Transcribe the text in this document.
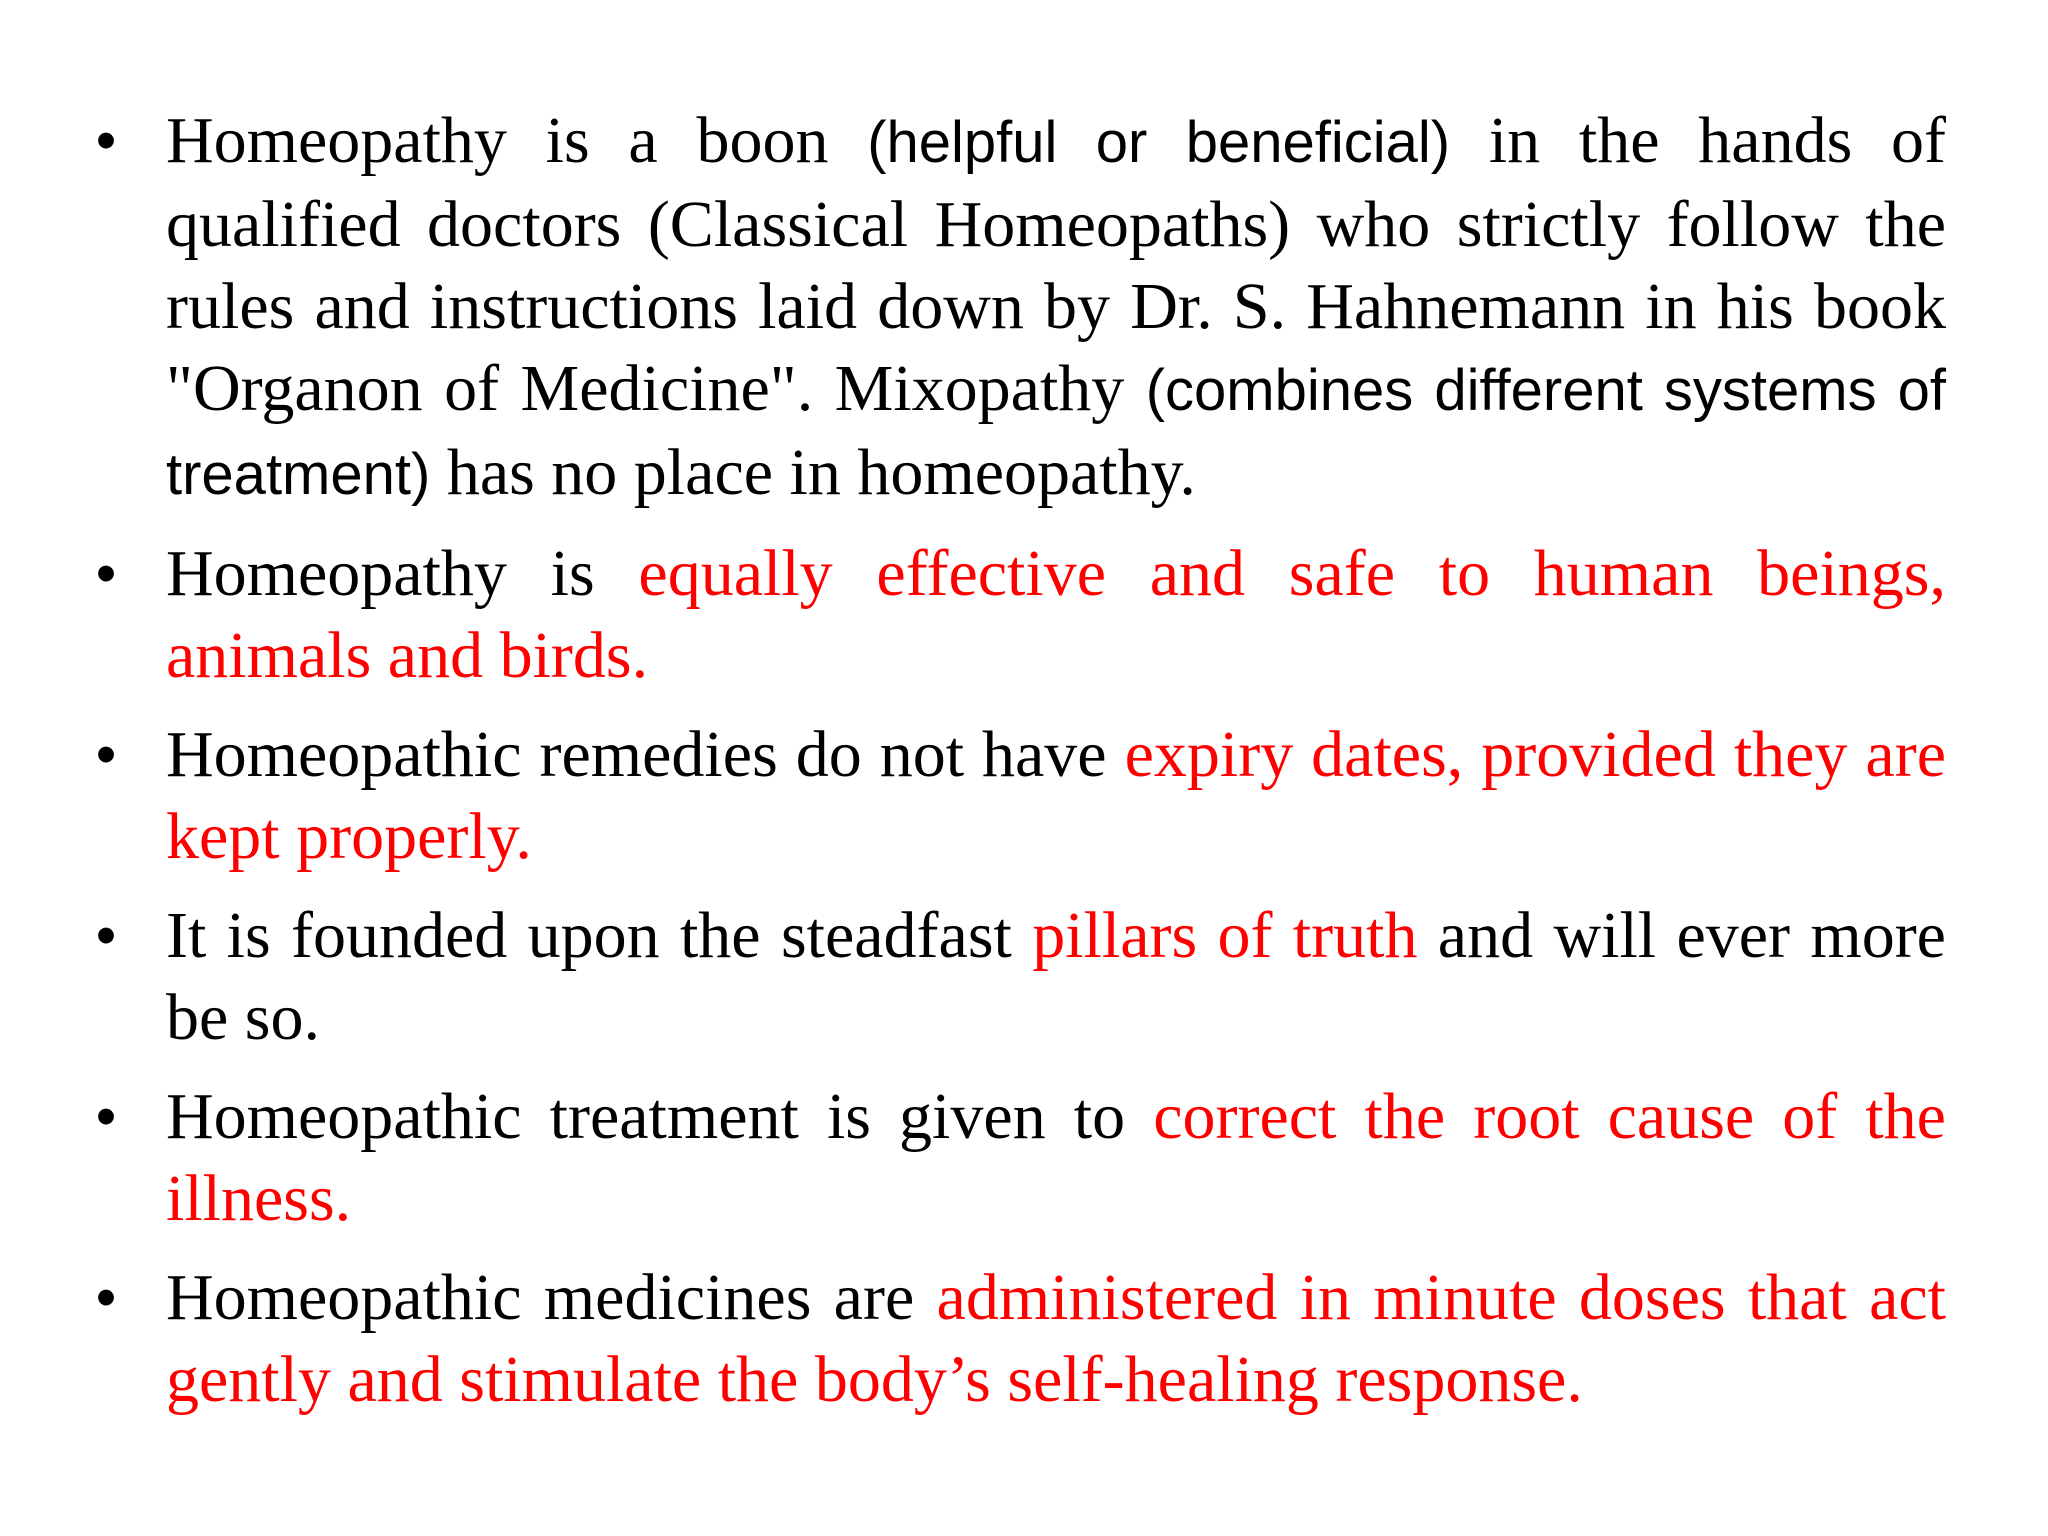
• Homeopathy is a boon (helpful or beneficial) in the hands of qualified doctors (Classical Homeopaths) who strictly follow the rules and instructions laid down by Dr. S. Hahnemann in his book "Organon of Medicine". Mixopathy (combines different systems of treatment) has no place in homeopathy.
• Homeopathy is equally effective and safe to human beings, animals and birds.
• Homeopathic remedies do not have expiry dates, provided they are kept properly.
• It is founded upon the steadfast pillars of truth and will ever more be so.
• Homeopathic treatment is given to correct the root cause of the illness.
• Homeopathic medicines are administered in minute doses that act gently and stimulate the body’s self-healing response.
